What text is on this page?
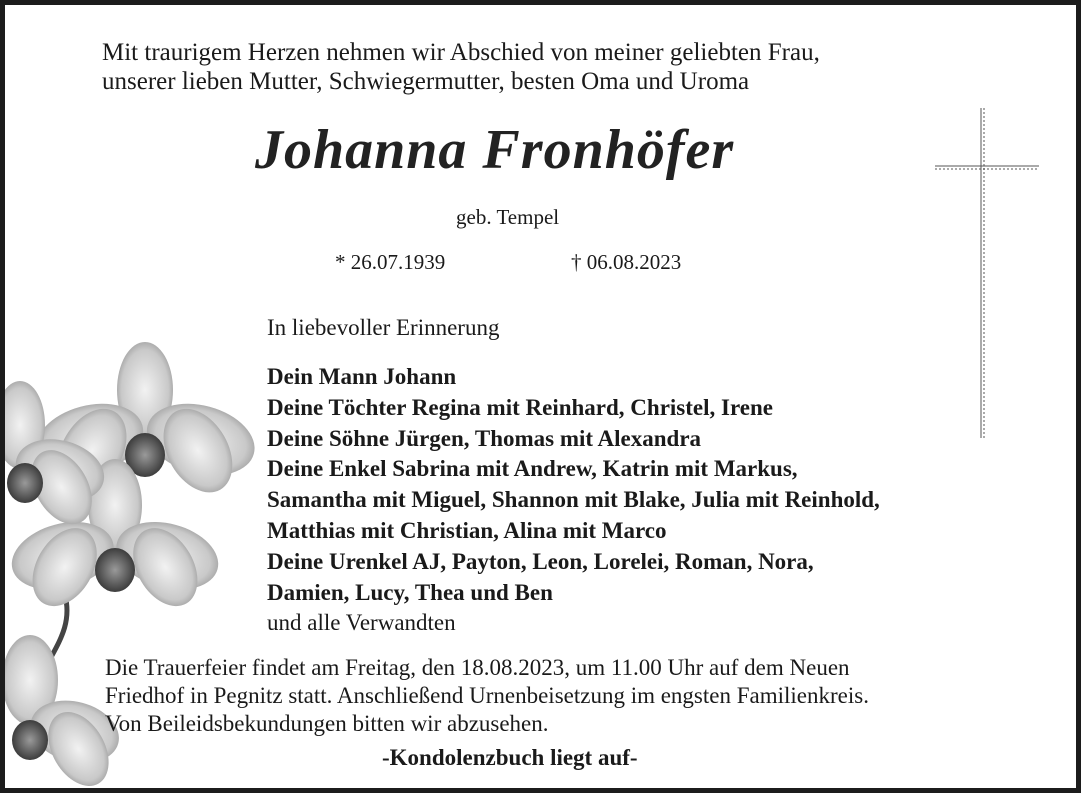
Mit traurigem Herzen nehmen wir Abschied von meiner geliebten Frau,
unserer lieben Mutter, Schwiegermutter, besten Oma und Uroma
Johanna Fronhöfer
geb. Tempel
* 26.07.1939	† 06.08.2023
In liebevoller Erinnerung
Dein Mann Johann
Deine Töchter Regina mit Reinhard, Christel, Irene
Deine Söhne Jürgen, Thomas mit Alexandra
Deine Enkel Sabrina mit Andrew, Katrin mit Markus,
Samantha mit Miguel, Shannon mit Blake, Julia mit Reinhold,
Matthias mit Christian, Alina mit Marco
Deine Urenkel AJ, Payton, Leon, Lorelei, Roman, Nora,
Damien, Lucy, Thea und Ben
und alle Verwandten
Die Trauerfeier findet am Freitag, den 18.08.2023, um 11.00 Uhr auf dem Neuen
Friedhof in Pegnitz statt. Anschließend Urnenbeisetzung im engsten Familienkreis.
Von Beileidsbekundungen bitten wir abzusehen.
-Kondolenzbuch liegt auf-
